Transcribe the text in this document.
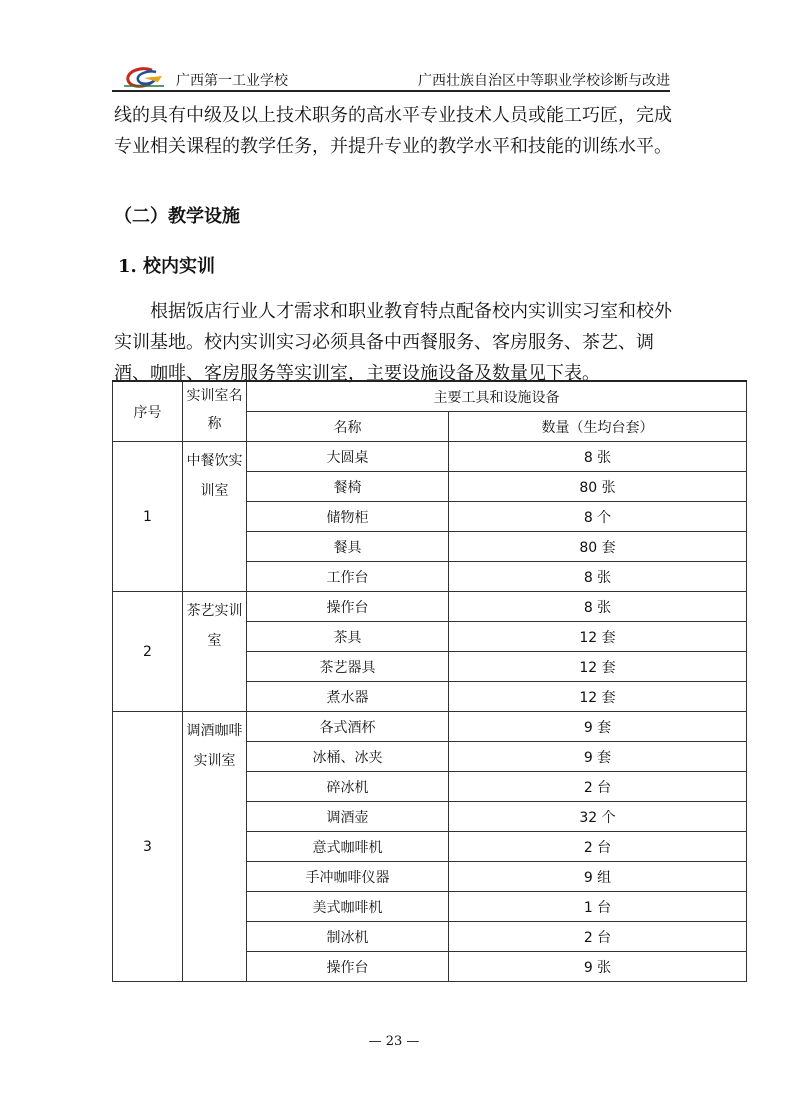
广西第一工业学校	广西壮族自治区中等职业学校诊断与改进
线的具有中级及以上技术职务的高水平专业技术人员或能工巧匠，完成专业相关课程的教学任务，并提升专业的教学水平和技能的训练水平。
（二）教学设施
1. 校内实训
根据饭店行业人才需求和职业教育特点配备校内实训实习室和校外实训基地。校内实训实习必须具备中西餐服务、客房服务、茶艺、调酒、咖啡、客房服务等实训室，主要设施设备及数量见下表。
序号	实训室名称	主要工具和设施设备	
		名称	数量（生均台套）
1	中餐饮实训室	大圆桌	8 张
		餐椅	80 张
		储物柜	8 个
		餐具	80 套
		工作台	8 张
2	茶艺实训室	操作台	8 张
		茶具	12 套
		茶艺器具	12 套
		煮水器	12 套
3	调酒咖啡实训室	各式酒杯	9 套
		冰桶、冰夹	9 套
		碎冰机	2 台
		调酒壶	32 个
		意式咖啡机	2 台
		手冲咖啡仪器	9 组
		美式咖啡机	1 台
		制冰机	2 台
		操作台	9 张
— 23 —
